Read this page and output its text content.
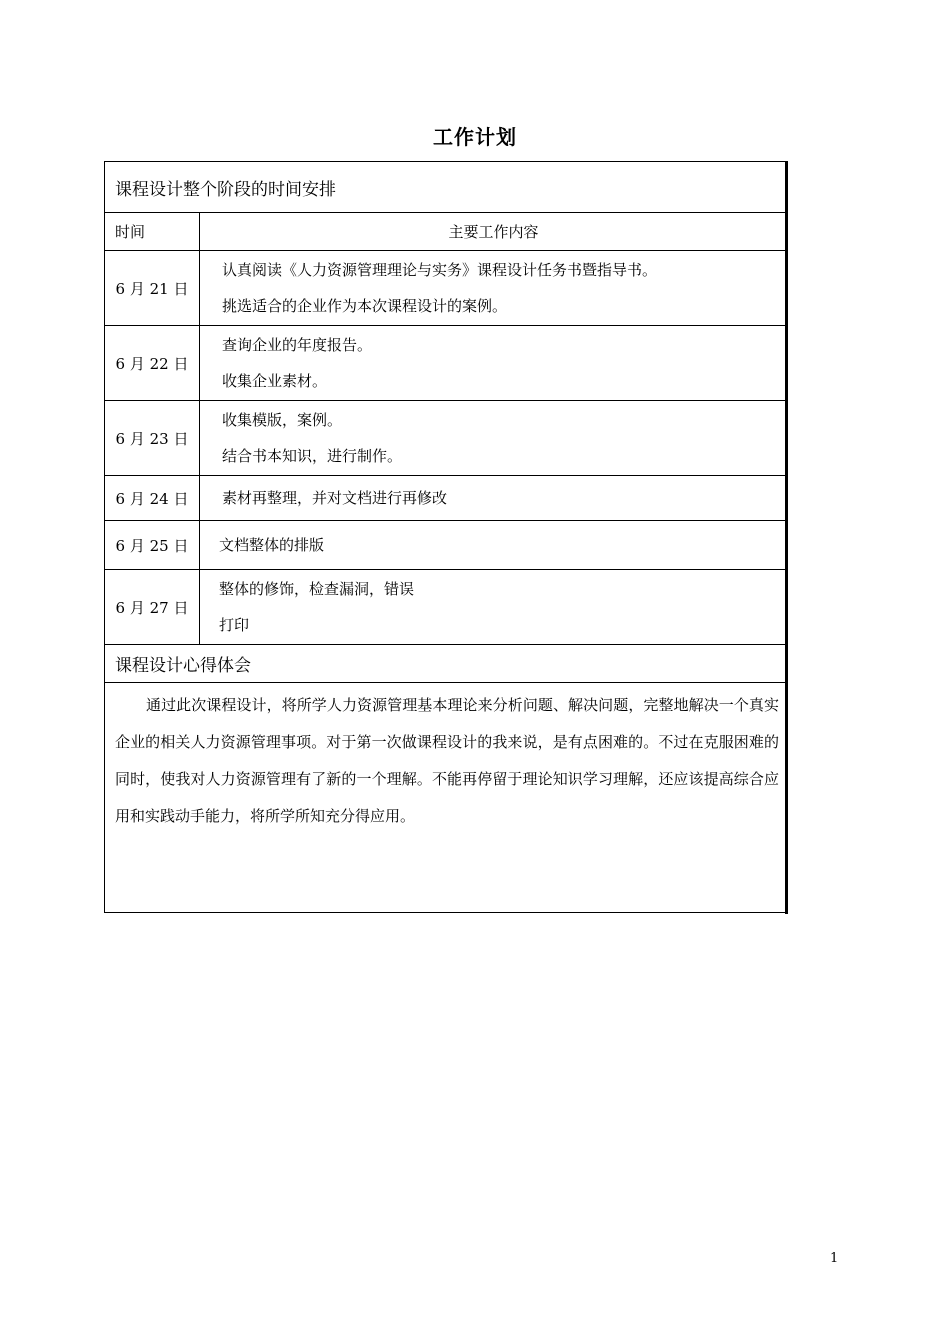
工作计划
课程设计整个阶段的时间安排	
时间	主要工作内容
6 月 21 日	认真阅读《人力资源管理理论与实务》课程设计任务书暨指导书。
挑选适合的企业作为本次课程设计的案例。

6 月 22 日	查询企业的年度报告。
收集企业素材。

6 月 23 日	收集模版，案例。
结合书本知识，进行制作。

6 月 24 日	素材再整理，并对文档进行再修改

6 月 25 日	文档整体的排版

6 月 27 日	整体的修饰，检查漏洞，错误
打印

课程设计心得体会	

通过此次课程设计，将所学人力资源管理基本理论来分析问题、解决问题，完整地解决一个真实企业的相关人力资源管理事项。对于第一次做课程设计的我来说，是有点困难的。不过在克服困难的同时，使我对人力资源管理有了新的一个理解。不能再停留于理论知识学习理解，还应该提高综合应用和实践动手能力，将所学所知充分得应用。	

1
